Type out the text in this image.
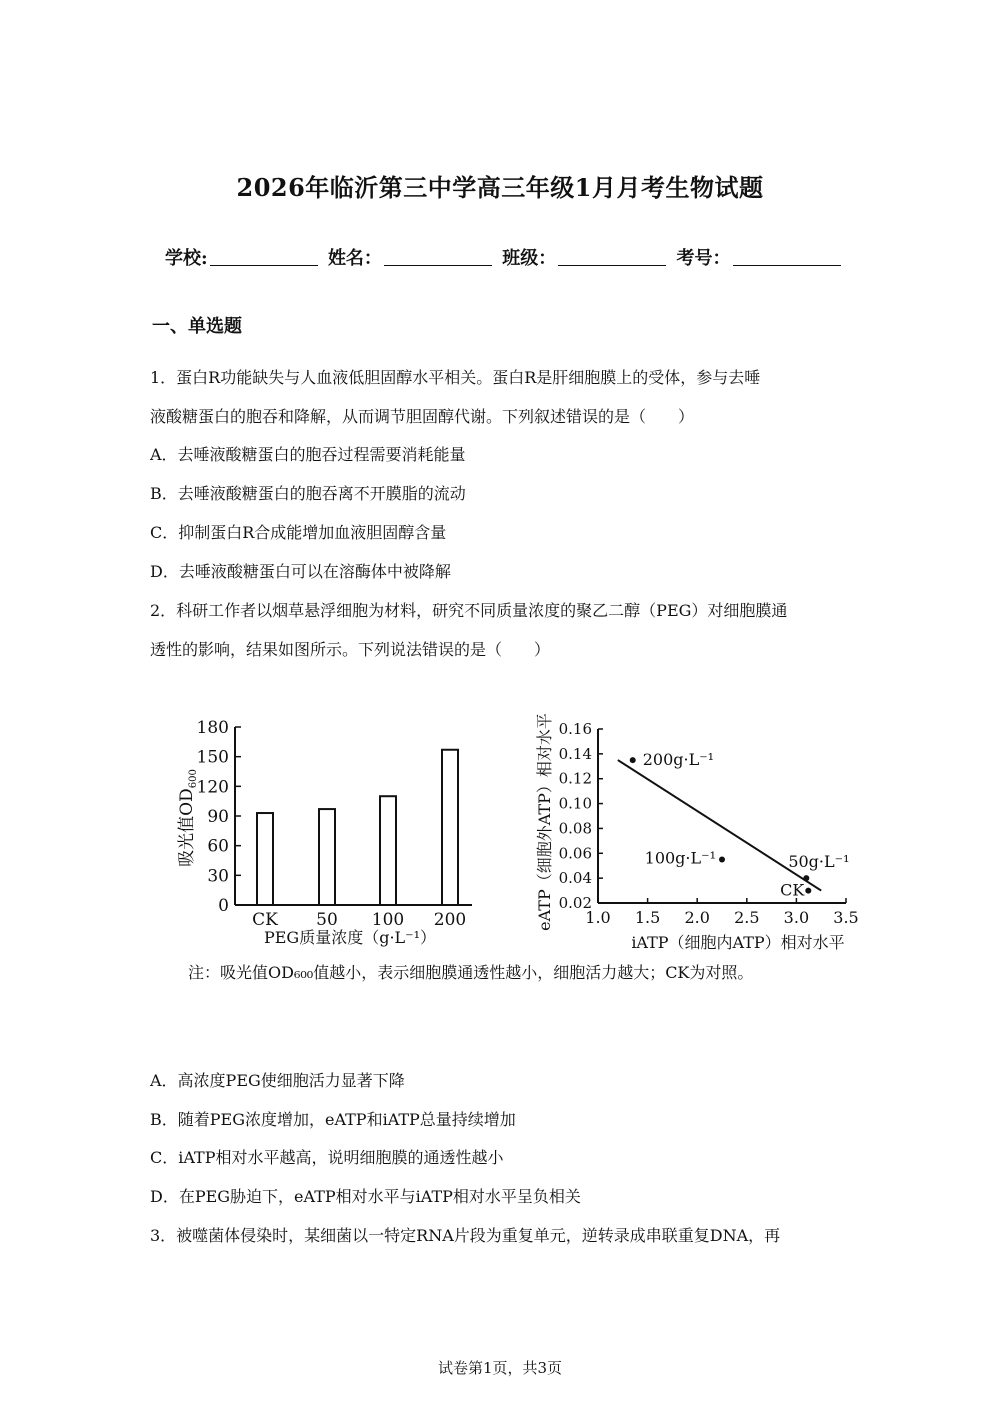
2026年临沂第三中学高三年级1月月考生物试题
学校:	姓名：	班级：	考号：
一、单选题
1．蛋白R功能缺失与人血液低胆固醇水平相关。蛋白R是肝细胞膜上的受体，参与去唾
液酸糖蛋白的胞吞和降解，从而调节胆固醇代谢。下列叙述错误的是（　　）
A．去唾液酸糖蛋白的胞吞过程需要消耗能量
B．去唾液酸糖蛋白的胞吞离不开膜脂的流动
C．抑制蛋白R合成能增加血液胆固醇含量
D．去唾液酸糖蛋白可以在溶酶体中被降解
2．科研工作者以烟草悬浮细胞为材料，研究不同质量浓度的聚乙二醇（PEG）对细胞膜通
透性的影响，结果如图所示。下列说法错误的是（　　）
0
30
60
90
120
150
180
CK 50 100 200
PEG质量浓度（g·L⁻¹）
吸光值$OD_{600}$
0.02
0.04
0.06
0.08
0.10
0.12
0.14
0.16
1.0 1.5 2.0 2.5 3.0 3.5
200g·L⁻¹
100g·L⁻¹	50g·L⁻¹
CK
iATP（细胞内ATP）相对水平
eATP（细胞外ATP）相对水平
注：吸光值OD₆₀₀值越小，表示细胞膜通透性越小，细胞活力越大；CK为对照。
A．高浓度PEG使细胞活力显著下降
B．随着PEG浓度增加，eATP和iATP总量持续增加
C．iATP相对水平越高，说明细胞膜的通透性越小
D．在PEG胁迫下，eATP相对水平与iATP相对水平呈负相关
3．被噬菌体侵染时，某细菌以一特定RNA片段为重复单元，逆转录成串联重复DNA，再
试卷第1页，共3页
